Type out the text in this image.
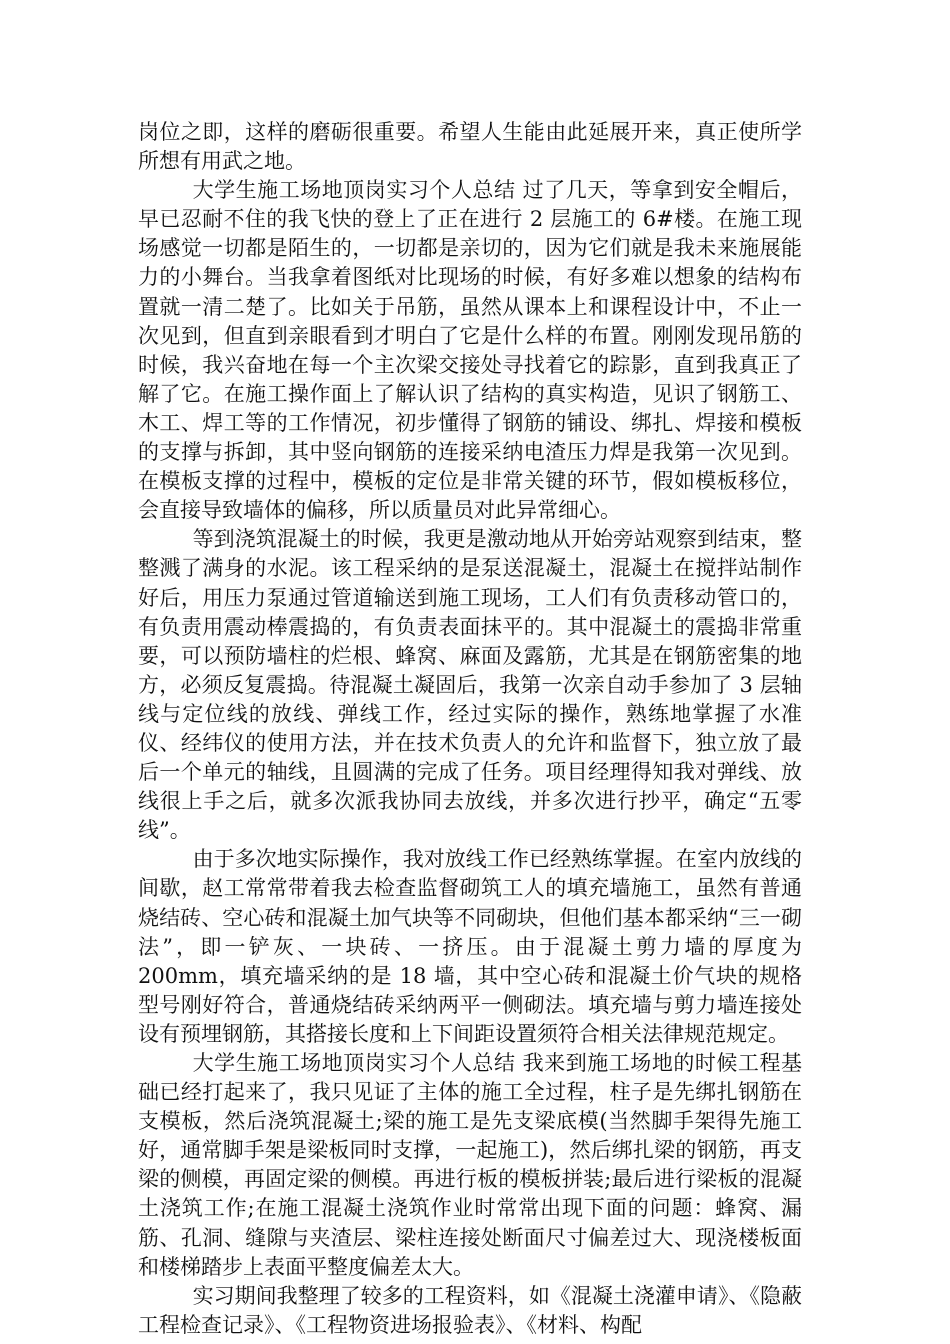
岗位之即，这样的磨砺很重要。希望人生能由此延展开来，真正使所学所想有用武之地。

大学生施工场地顶岗实习个人总结 过了几天，等拿到安全帽后，早已忍耐不住的我飞快的登上了正在进行 2 层施工的 6#楼。在施工现场感觉一切都是陌生的，一切都是亲切的，因为它们就是我未来施展能力的小舞台。当我拿着图纸对比现场的时候，有好多难以想象的结构布置就一清二楚了。比如关于吊筋，虽然从课本上和课程设计中，不止一次见到，但直到亲眼看到才明白了它是什么样的布置。刚刚发现吊筋的时候，我兴奋地在每一个主次梁交接处寻找着它的踪影，直到我真正了解了它。在施工操作面上了解认识了结构的真实构造，见识了钢筋工、木工、焊工等的工作情况，初步懂得了钢筋的铺设、绑扎、焊接和模板的支撑与拆卸，其中竖向钢筋的连接采纳电渣压力焊是我第一次见到。在模板支撑的过程中，模板的定位是非常关键的环节，假如模板移位，会直接导致墙体的偏移，所以质量员对此异常细心。

等到浇筑混凝土的时候，我更是激动地从开始旁站观察到结束，整整溅了满身的水泥。该工程采纳的是泵送混凝土，混凝土在搅拌站制作好后，用压力泵通过管道输送到施工现场，工人们有负责移动管口的，有负责用震动棒震捣的，有负责表面抹平的。其中混凝土的震捣非常重要，可以预防墙柱的烂根、蜂窝、麻面及露筋，尤其是在钢筋密集的地方，必须反复震捣。待混凝土凝固后，我第一次亲自动手参加了 3 层轴线与定位线的放线、弹线工作，经过实际的操作，熟练地掌握了水准仪、经纬仪的使用方法，并在技术负责人的允许和监督下，独立放了最后一个单元的轴线，且圆满的完成了任务。项目经理得知我对弹线、放线很上手之后，就多次派我协同去放线，并多次进行抄平，确定“五零线”。

由于多次地实际操作，我对放线工作已经熟练掌握。在室内放线的间歇，赵工常常带着我去检查监督砌筑工人的填充墙施工，虽然有普通烧结砖、空心砖和混凝土加气块等不同砌块，但他们基本都采纳“三一砌法”，即一铲灰、一块砖、一挤压。由于混凝土剪力墙的厚度为 200mm，填充墙采纳的是 18 墙，其中空心砖和混凝土价气块的规格型号刚好符合，普通烧结砖采纳两平一侧砌法。填充墙与剪力墙连接处设有预埋钢筋，其搭接长度和上下间距设置须符合相关法律规范规定。

大学生施工场地顶岗实习个人总结 我来到施工场地的时候工程基础已经打起来了，我只见证了主体的施工全过程，柱子是先绑扎钢筋在支模板，然后浇筑混凝土;梁的施工是先支梁底模(当然脚手架得先施工好，通常脚手架是梁板同时支撑，一起施工)，然后绑扎梁的钢筋，再支梁的侧模，再固定梁的侧模。再进行板的模板拼装;最后进行梁板的混凝土浇筑工作;在施工混凝土浇筑作业时常常出现下面的问题：蜂窝、漏筋、孔洞、缝隙与夹渣层、梁柱连接处断面尺寸偏差过大、现浇楼板面和楼梯踏步上表面平整度偏差太大。

实习期间我整理了较多的工程资料，如《混凝土浇灌申请》、《隐蔽工程检查记录》、《工程物资进场报验表》、《材料、构配
